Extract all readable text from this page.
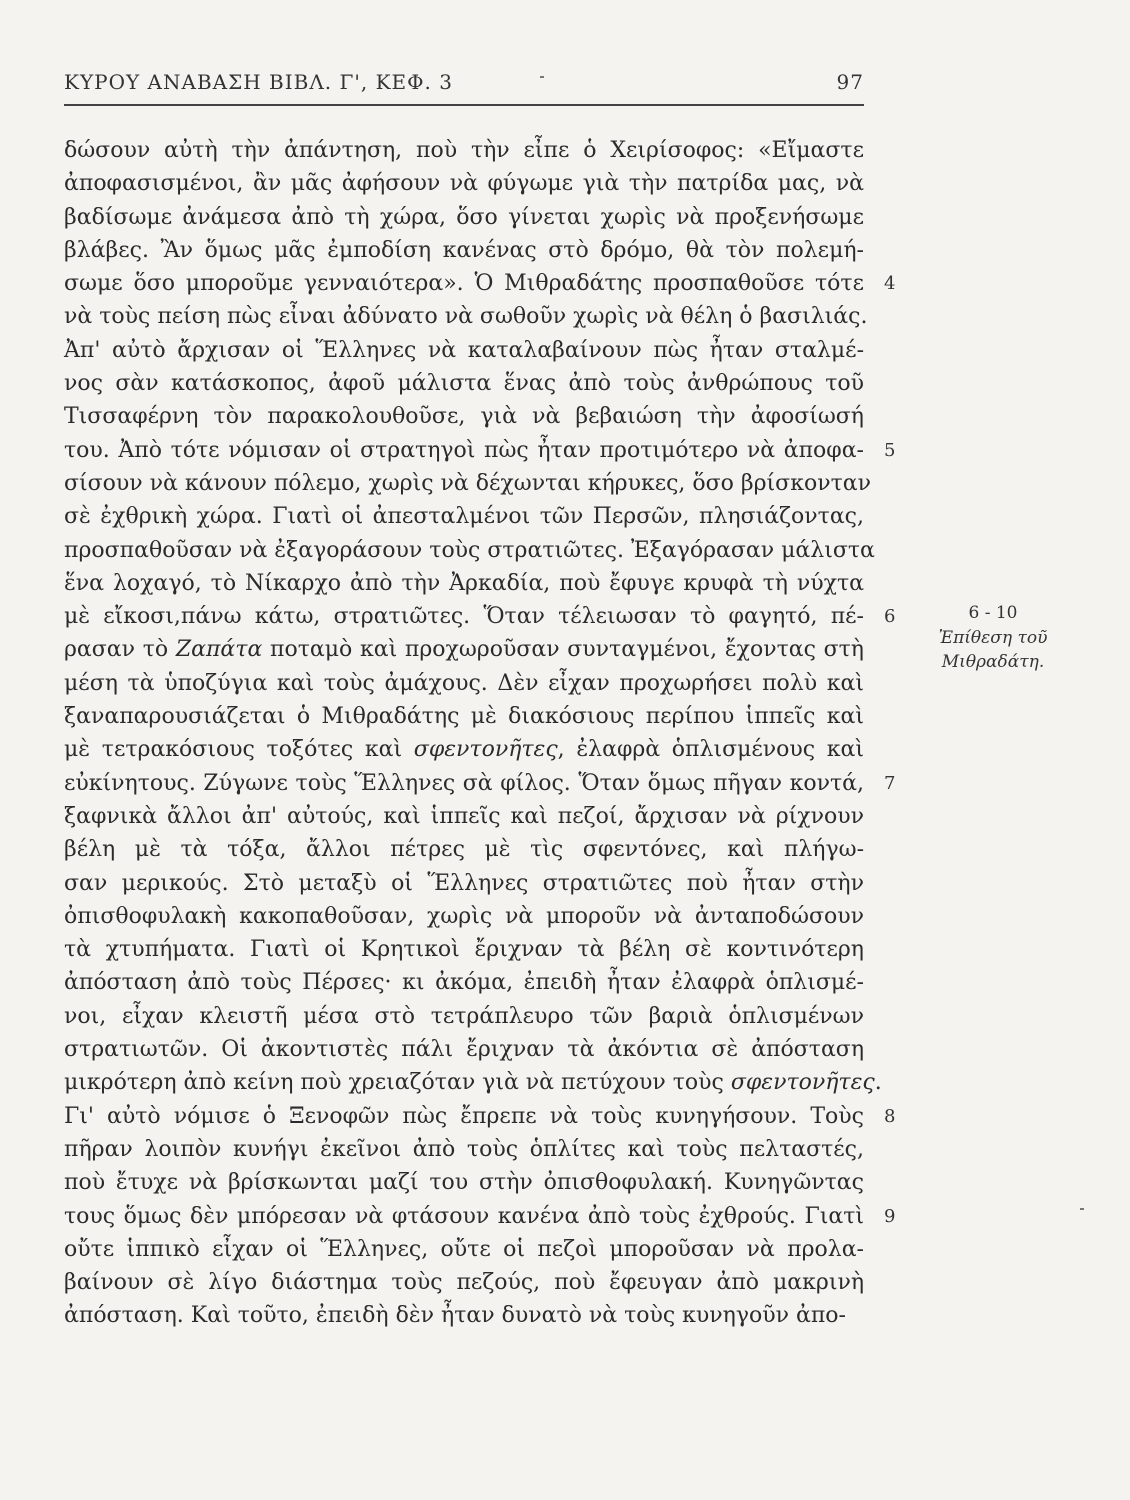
ΚΥΡΟΥ ΑΝΑΒΑΣΗ ΒΙΒΛ. Γ', ΚΕΦ. 3	97
δώσουν αὐτὴ τὴν ἀπάντηση, ποὺ τὴν εἶπε ὁ Χειρίσοφος: «Εἴμαστε
ἀποφασισμένοι, ἂν μᾶς ἀφήσουν νὰ φύγωμε γιὰ τὴν πατρίδα μας, νὰ
βαδίσωμε ἀνάμεσα ἀπὸ τὴ χώρα, ὅσο γίνεται χωρὶς νὰ προξενήσωμε
βλάβες. Ἂν ὅμως μᾶς ἐμποδίση κανένας στὸ δρόμο, θὰ τὸν πολεμή-
σωμε ὅσο μποροῦμε γενναιότερα». Ὁ Μιθραδάτης προσπαθοῦσε τότε
νὰ τοὺς πείση πὼς εἶναι ἀδύνατο νὰ σωθοῦν χωρὶς νὰ θέλη ὁ βασιλιάς.
Ἀπ' αὐτὸ ἄρχισαν οἱ Ἕλληνες νὰ καταλαβαίνουν πὼς ἦταν σταλμέ-
νος σὰν κατάσκοπος, ἀφοῦ μάλιστα ἕνας ἀπὸ τοὺς ἀνθρώπους τοῦ
Τισσαφέρνη τὸν παρακολουθοῦσε, γιὰ νὰ βεβαιώση τὴν ἀφοσίωσή
του. Ἀπὸ τότε νόμισαν οἱ στρατηγοὶ πὼς ἦταν προτιμότερο νὰ ἀποφα-
σίσουν νὰ κάνουν πόλεμο, χωρὶς νὰ δέχωνται κήρυκες, ὅσο βρίσκονταν
σὲ ἐχθρικὴ χώρα. Γιατὶ οἱ ἀπεσταλμένοι τῶν Περσῶν, πλησιάζοντας,
προσπαθοῦσαν νὰ ἐξαγοράσουν τοὺς στρατιῶτες. Ἐξαγόρασαν μάλιστα
ἕνα λοχαγό, τὸ Νίκαρχο ἀπὸ τὴν Ἀρκαδία, ποὺ ἔφυγε κρυφὰ τὴ νύχτα
μὲ εἴκοσι,πάνω κάτω, στρατιῶτες. Ὅταν τέλειωσαν τὸ φαγητό, πέ-
ρασαν τὸ Ζαπάτα ποταμὸ καὶ προχωροῦσαν συνταγμένοι, ἔχοντας στὴ
μέση τὰ ὑποζύγια καὶ τοὺς ἀμάχους. Δὲν εἶχαν προχωρήσει πολὺ καὶ
ξαναπαρουσιάζεται ὁ Μιθραδάτης μὲ διακόσιους περίπου ἱππεῖς καὶ
μὲ τετρακόσιους τοξότες καὶ σφεντονῆτες, ἐλαφρὰ ὁπλισμένους καὶ
εὐκίνητους. Ζύγωνε τοὺς Ἕλληνες σὰ φίλος. Ὅταν ὅμως πῆγαν κοντά,
ξαφνικὰ ἄλλοι ἀπ' αὐτούς, καὶ ἱππεῖς καὶ πεζοί, ἄρχισαν νὰ ρίχνουν
βέλη μὲ τὰ τόξα, ἄλλοι πέτρες μὲ τὶς σφεντόνες, καὶ πλήγω-
σαν μερικούς. Στὸ μεταξὺ οἱ Ἕλληνες στρατιῶτες ποὺ ἦταν στὴν
ὀπισθοφυλακὴ κακοπαθοῦσαν, χωρὶς νὰ μποροῦν νὰ ἀνταποδώσουν
τὰ χτυπήματα. Γιατὶ οἱ Κρητικοὶ ἔριχναν τὰ βέλη σὲ κοντινότερη
ἀπόσταση ἀπὸ τοὺς Πέρσες· κι ἀκόμα, ἐπειδὴ ἦταν ἐλαφρὰ ὁπλισμέ-
νοι, εἶχαν κλειστῆ μέσα στὸ τετράπλευρο τῶν βαριὰ ὁπλισμένων
στρατιωτῶν. Οἱ ἀκοντιστὲς πάλι ἔριχναν τὰ ἀκόντια σὲ ἀπόσταση
μικρότερη ἀπὸ κείνη ποὺ χρειαζόταν γιὰ νὰ πετύχουν τοὺς σφεντονῆτες.
Γι' αὐτὸ νόμισε ὁ Ξενοφῶν πὼς ἔπρεπε νὰ τοὺς κυνηγήσουν. Τοὺς
πῆραν λοιπὸν κυνήγι ἐκεῖνοι ἀπὸ τοὺς ὁπλίτες καὶ τοὺς πελταστές,
ποὺ ἔτυχε νὰ βρίσκωνται μαζί του στὴν ὀπισθοφυλακή. Κυνηγῶντας
τους ὅμως δὲν μπόρεσαν νὰ φτάσουν κανένα ἀπὸ τοὺς ἐχθρούς. Γιατὶ
οὔτε ἱππικὸ εἶχαν οἱ Ἕλληνες, οὔτε οἱ πεζοὶ μποροῦσαν νὰ προλα-
βαίνουν σὲ λίγο διάστημα τοὺς πεζούς, ποὺ ἔφευγαν ἀπὸ μακρινὴ
ἀπόσταση. Καὶ τοῦτο, ἐπειδὴ δὲν ἦταν δυνατὸ νὰ τοὺς κυνηγοῦν ἀπο-
4
5
6
7
8
9
6 - 10
Ἐπίθεση τοῦ
Μιθραδάτη.
